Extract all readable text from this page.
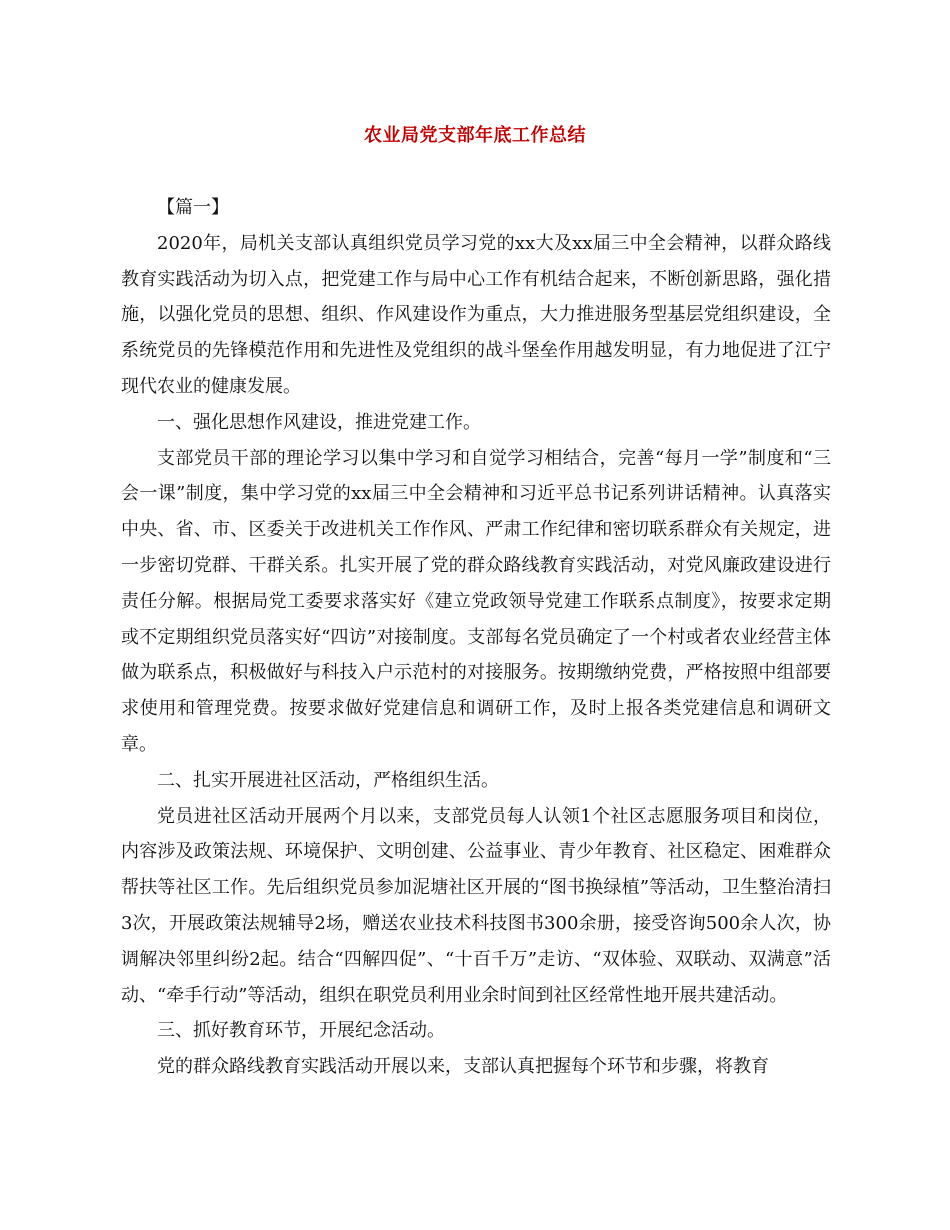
农业局党支部年底工作总结

【篇一】

2020年，局机关支部认真组织党员学习党的xx大及xx届三中全会精神，以群众路线教育实践活动为切入点，把党建工作与局中心工作有机结合起来，不断创新思路，强化措施，以强化党员的思想、组织、作风建设作为重点，大力推进服务型基层党组织建设，全系统党员的先锋模范作用和先进性及党组织的战斗堡垒作用越发明显，有力地促进了江宁现代农业的健康发展。

一、强化思想作风建设，推进党建工作。

支部党员干部的理论学习以集中学习和自觉学习相结合，完善“每月一学”制度和“三会一课”制度，集中学习党的xx届三中全会精神和习近平总书记系列讲话精神。认真落实中央、省、市、区委关于改进机关工作作风、严肃工作纪律和密切联系群众有关规定，进一步密切党群、干群关系。扎实开展了党的群众路线教育实践活动，对党风廉政建设进行责任分解。根据局党工委要求落实好《建立党政领导党建工作联系点制度》，按要求定期或不定期组织党员落实好“四访”对接制度。支部每名党员确定了一个村或者农业经营主体做为联系点，积极做好与科技入户示范村的对接服务。按期缴纳党费，严格按照中组部要求使用和管理党费。按要求做好党建信息和调研工作，及时上报各类党建信息和调研文章。

二、扎实开展进社区活动，严格组织生活。

党员进社区活动开展两个月以来，支部党员每人认领1个社区志愿服务项目和岗位，内容涉及政策法规、环境保护、文明创建、公益事业、青少年教育、社区稳定、困难群众帮扶等社区工作。先后组织党员参加泥塘社区开展的“图书换绿植”等活动，卫生整治清扫3次，开展政策法规辅导2场，赠送农业技术科技图书300余册，接受咨询500余人次，协调解决邻里纠纷2起。结合“四解四促”、“十百千万”走访、“双体验、双联动、双满意”活动、“牵手行动”等活动，组织在职党员利用业余时间到社区经常性地开展共建活动。

三、抓好教育环节，开展纪念活动。

党的群众路线教育实践活动开展以来，支部认真把握每个环节和步骤，将教育
